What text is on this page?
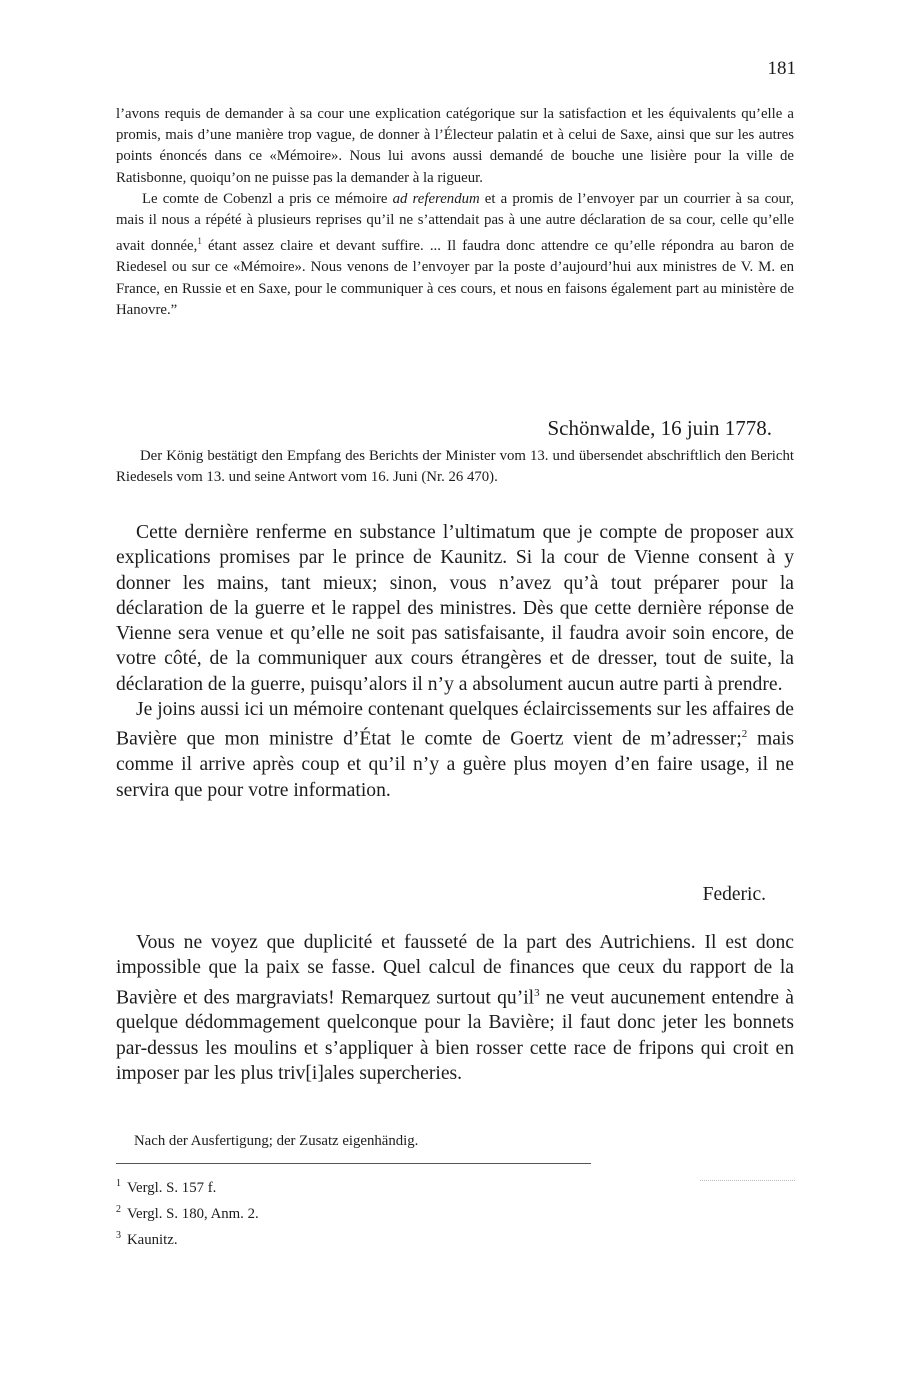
181

l’avons requis de demander à sa cour une explication catégorique sur la satisfaction et les équivalents qu’elle a promis, mais d’une manière trop vague, de donner à l’Électeur palatin et à celui de Saxe, ainsi que sur les autres points énoncés dans ce «Mémoire». Nous lui avons aussi demandé de bouche une lisière pour la ville de Ratisbonne, quoiqu’on ne puisse pas la demander à la rigueur.

Le comte de Cobenzl a pris ce mémoire ad referendum et a promis de l’envoyer par un courrier à sa cour, mais il nous a répété à plusieurs reprises qu’il ne s’attendait pas à une autre déclaration de sa cour, celle qu’elle avait donnée,$^1$ étant assez claire et devant suffire. ... Il faudra donc attendre ce qu’elle répondra au baron de Riedesel ou sur ce «Mémoire». Nous venons de l’envoyer par la poste d’aujourd’hui aux ministres de V. M. en France, en Russie et en Saxe, pour le communiquer à ces cours, et nous en faisons également part au ministère de Hanovre.”

Schönwalde, 16 juin 1778.

Der König bestätigt den Empfang des Berichts der Minister vom 13. und übersendet abschriftlich den Bericht Riedesels vom 13. und seine Antwort vom 16. Juni (Nr. 26 470).

Cette dernière renferme en substance l’ultimatum que je compte de proposer aux explications promises par le prince de Kaunitz. Si la cour de Vienne consent à y donner les mains, tant mieux; sinon, vous n’avez qu’à tout préparer pour la déclaration de la guerre et le rappel des ministres. Dès que cette dernière réponse de Vienne sera venue et qu’elle ne soit pas satisfaisante, il faudra avoir soin encore, de votre côté, de la communiquer aux cours étrangères et de dresser, tout de suite, la déclaration de la guerre, puisqu’alors il n’y a absolument aucun autre parti à prendre.

Je joins aussi ici un mémoire contenant quelques éclaircissements sur les affaires de Bavière que mon ministre d’État le comte de Goertz vient de m’adresser;$^2$ mais comme il arrive après coup et qu’il n’y a guère plus moyen d’en faire usage, il ne servira que pour votre information.

Federic.

Vous ne voyez que duplicité et fausseté de la part des Autrichiens. Il est donc impossible que la paix se fasse. Quel calcul de finances que ceux du rapport de la Bavière et des margraviats! Remarquez surtout $qu’il^3$ ne veut aucunement entendre à quelque dédommagement quelconque pour la Bavière; il faut donc jeter les bonnets par-dessus les moulins et s’appliquer à bien rosser cette race de fripons qui croit en imposer par les plus triv[i]ales supercheries.

Nach der Ausfertigung; der Zusatz eigenhändig.

$^1$ Vergl. S. 157 f.
$^2$ Vergl. S. 180, Anm. 2.
$^3$ Kaunitz.
